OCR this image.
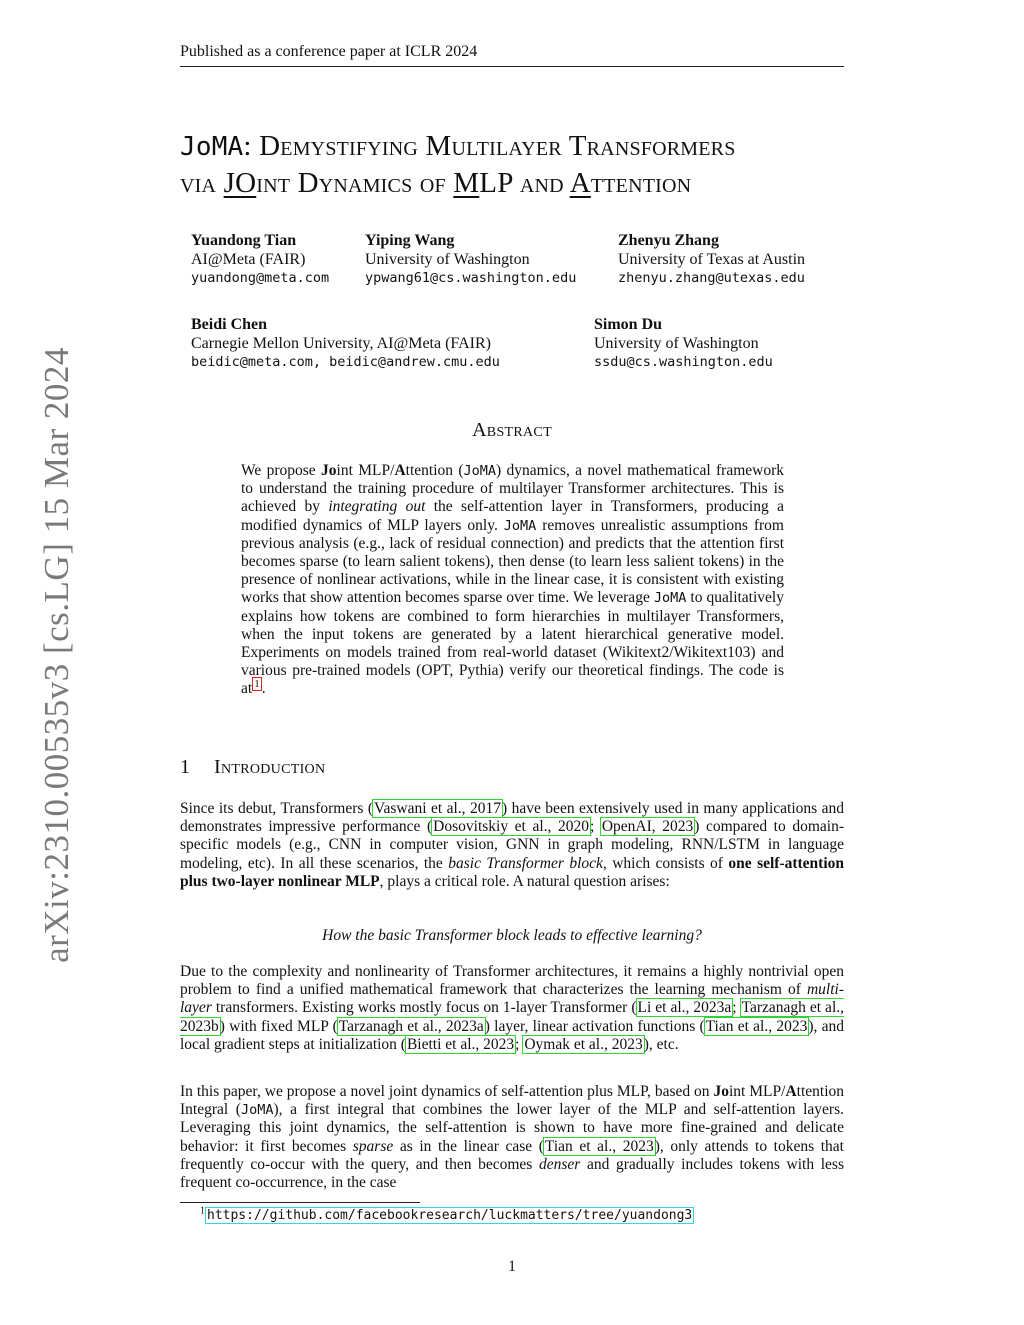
Published as a conference paper at ICLR 2024
JoMA: Demystifying Multilayer Transformers
via JOint Dynamics of MLP and Attention
Yuandong Tian
AI@Meta (FAIR)
yuandong@meta.com
Yiping Wang
University of Washington
ypwang61@cs.washington.edu
Zhenyu Zhang
University of Texas at Austin
zhenyu.zhang@utexas.edu
Beidi Chen
Carnegie Mellon University, AI@Meta (FAIR)
beidic@meta.com, beidic@andrew.cmu.edu
Simon Du
University of Washington
ssdu@cs.washington.edu
arXiv:2310.00535v3 [cs.LG] 15 Mar 2024	Abstract
We propose Joint MLP/Attention (JoMA) dynamics, a novel mathematical framework to understand the training procedure of multilayer Transformer architectures. This is achieved by integrating out the self-attention layer in Transformers, producing a modified dynamics of MLP layers only. JoMA removes unrealistic assumptions from previous analysis (e.g., lack of residual connection) and predicts that the attention first becomes sparse (to learn salient tokens), then dense (to learn less salient tokens) in the presence of nonlinear activations, while in the linear case, it is consistent with existing works that show attention becomes sparse over time. We leverage JoMA to qualitatively explains how tokens are combined to form hierarchies in multilayer Transformers, when the input tokens are generated by a latent hierarchical generative model. Experiments on models trained from real-world dataset (Wikitext2/Wikitext103) and various pre-trained models (OPT, Pythia) verify our theoretical findings. The code is at $^1$ .
1 Introduction
Since its debut, Transformers (Vaswani et al., 2017) have been extensively used in many applications and demonstrates impressive performance (Dosovitskiy et al., 2020; OpenAI, 2023) compared to domain-specific models (e.g., CNN in computer vision, GNN in graph modeling, RNN/LSTM in language modeling, etc). In all these scenarios, the basic Transformer block, which consists of one self-attention plus two-layer nonlinear MLP, plays a critical role. A natural question arises:
How the basic Transformer block leads to effective learning?
Due to the complexity and nonlinearity of Transformer architectures, it remains a highly nontrivial open problem to find a unified mathematical framework that characterizes the learning mechanism of multi-layer transformers. Existing works mostly focus on 1-layer Transformer (Li et al., 2023a; Tarzanagh et al., 2023b) with fixed MLP (Tarzanagh et al., 2023a) layer, linear activation functions (Tian et al., 2023), and local gradient steps at initialization (Bietti et al., 2023; Oymak et al., 2023), etc.
In this paper, we propose a novel joint dynamics of self-attention plus MLP, based on Joint MLP/Attention Integral (JoMA), a first integral that combines the lower layer of the MLP and self-attention layers. Leveraging this joint dynamics, the self-attention is shown to have more fine-grained and delicate behavior: it first becomes sparse as in the linear case (Tian et al., 2023), only attends to tokens that frequently co-occur with the query, and then becomes denser and gradually includes tokens with less frequent co-occurrence, in the case
$^1$ https://github.com/facebookresearch/luckmatters/tree/yuandong3
1
